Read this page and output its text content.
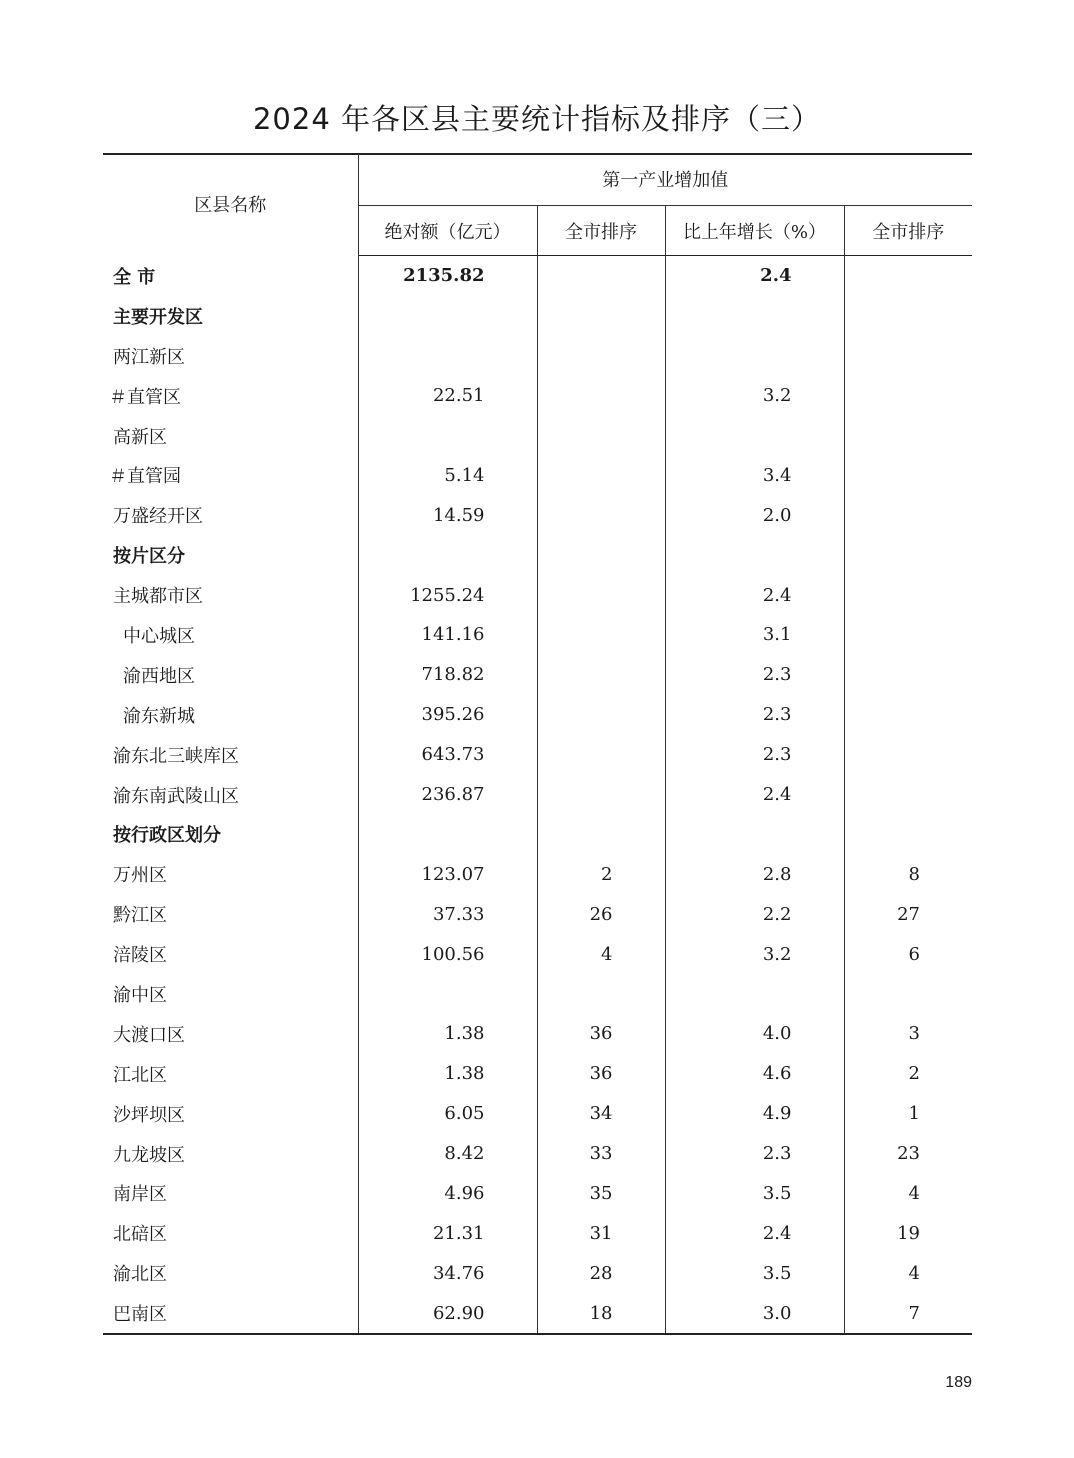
2024 年各区县主要统计指标及排序（三）
区县名称	第一产业增加值			
	绝对额（亿元）	全市排序	比上年增长（%）	全市排序
全 市	2135.82		2.4	
主要开发区				
两江新区				
＃直管区	22.51		3.2	
高新区				
＃直管园	5.14		3.4	
万盛经开区	14.59		2.0	
按片区分				
主城都市区	1255.24		2.4	
中心城区	141.16		3.1	
渝西地区	718.82		2.3	
渝东新城	395.26		2.3	
渝东北三峡库区	643.73		2.3	
渝东南武陵山区	236.87		2.4	
按行政区划分				
万州区	123.07	2	2.8	8
黔江区	37.33	26	2.2	27
涪陵区	100.56	4	3.2	6
渝中区				
大渡口区	1.38	36	4.0	3
江北区	1.38	36	4.6	2
沙坪坝区	6.05	34	4.9	1
九龙坡区	8.42	33	2.3	23
南岸区	4.96	35	3.5	4
北碚区	21.31	31	2.4	19
渝北区	34.76	28	3.5	4
巴南区	62.90	18	3.0	7
189
